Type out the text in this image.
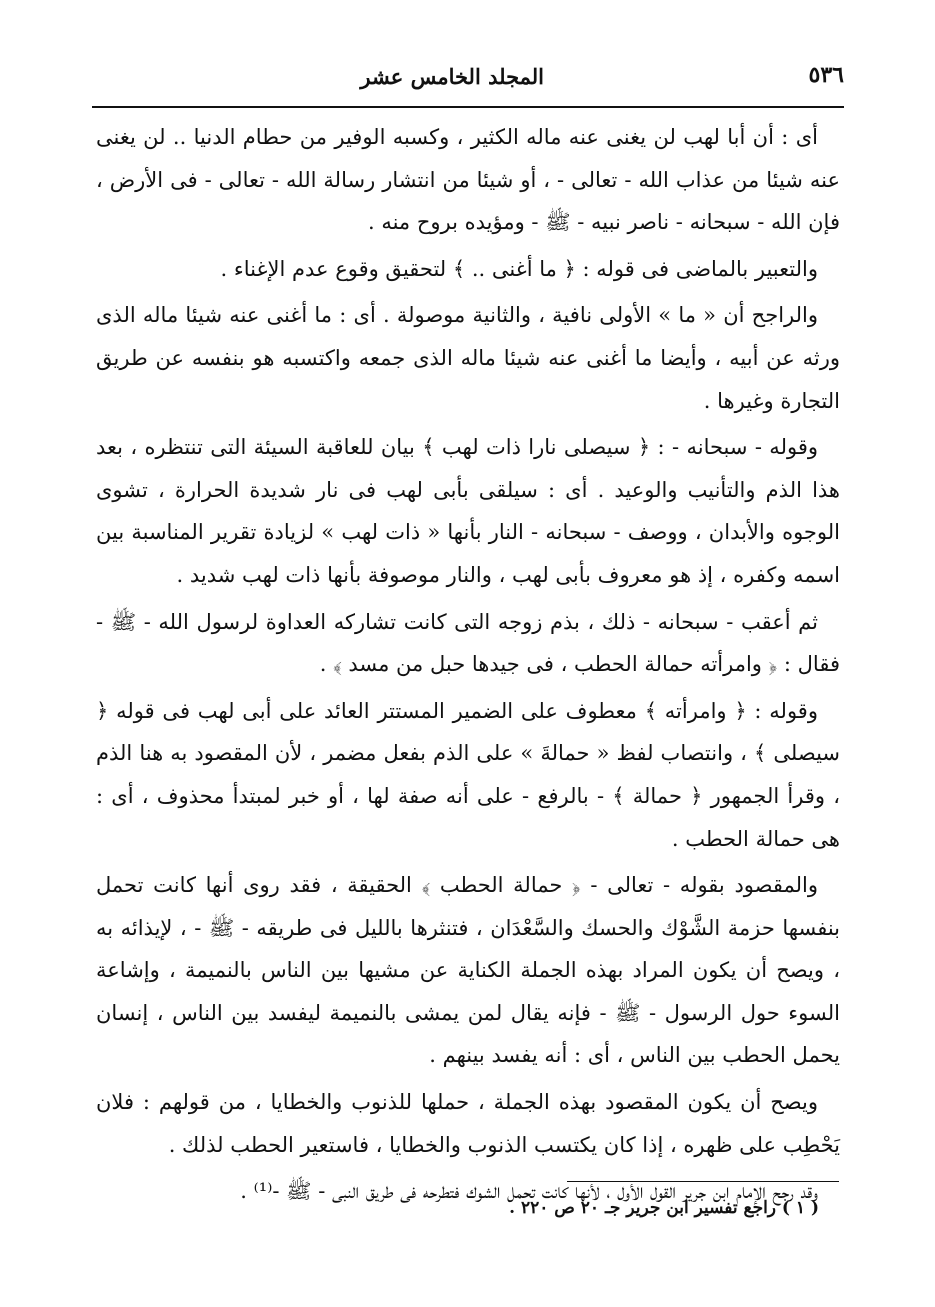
٥٣٦
المجلد الخامس عشر

أى : أن أبا لهب لن يغنى عنه ماله الكثير ، وكسبه الوفير من حطام الدنيا .. لن يغنى عنه شيئا من عذاب الله - تعالى - ، أو شيئا من انتشار رسالة الله - تعالى - فى الأرض ، فإن الله - سبحانه - ناصر نبيه - ﷺ - ومؤيده بروح منه .

والتعبير بالماضى فى قوله : ﴿ ما أغنى .. ﴾ لتحقيق وقوع عدم الإغناء .

والراجح أن « ما » الأولى نافية ، والثانية موصولة . أى : ما أغنى عنه شيئا ماله الذى ورثه عن أبيه ، وأيضا ما أغنى عنه شيئا ماله الذى جمعه واكتسبه هو بنفسه عن طريق التجارة وغيرها .

وقوله - سبحانه - : ﴿ سيصلى نارا ذات لهب ﴾ بيان للعاقبة السيئة التى تنتظره ، بعد هذا الذم والتأنيب والوعيد . أى : سيلقى بأبى لهب فى نار شديدة الحرارة ، تشوى الوجوه والأبدان ، ووصف - سبحانه - النار بأنها « ذات لهب » لزيادة تقرير المناسبة بين اسمه وكفره ، إذ هو معروف بأبى لهب ، والنار موصوفة بأنها ذات لهب شديد .

ثم أعقب - سبحانه - ذلك ، بذم زوجه التى كانت تشاركه العداوة لرسول الله - ﷺ - فقال : ﴿ وامرأته حمالة الحطب ، فى جيدها حبل من مسد ﴾ .

وقوله : ﴿ وامرأته ﴾ معطوف على الضمير المستتر العائد على أبى لهب فى قوله ﴿ سيصلى ﴾ ، وانتصاب لفظ « حمالةَ » على الذم بفعل مضمر ، لأن المقصود به هنا الذم ، وقرأ الجمهور ﴿ حمالة ﴾ - بالرفع - على أنه صفة لها ، أو خبر لمبتدأ محذوف ، أى : هى حمالة الحطب .

والمقصود بقوله - تعالى - ﴿ حمالة الحطب ﴾ الحقيقة ، فقد روى أنها كانت تحمل بنفسها حزمة الشَّوْك والحسك والسَّعْدَان ، فتنثرها بالليل فى طريقه - ﷺ - ، لإيذائه به ، ويصح أن يكون المراد بهذه الجملة الكناية عن مشيها بين الناس بالنميمة ، وإشاعة السوء حول الرسول - ﷺ - فإنه يقال لمن يمشى بالنميمة ليفسد بين الناس ، إنسان يحمل الحطب بين الناس ، أى : أنه يفسد بينهم .

ويصح أن يكون المقصود بهذه الجملة ، حملها للذنوب والخطايا ، من قولهم : فلان يَحْطِب على ظهره ، إذا كان يكتسب الذنوب والخطايا ، فاستعير الحطب لذلك .

وقد رجح الإمام ابن جرير القول الأول ، لأنها كانت تحمل الشوك فتطرحه فى طريق النبى - ﷺ -⁽¹⁾ .

( ١ ) راجع تفسير ابن جرير جـ ٢٠ ص ٢٢٠ .
